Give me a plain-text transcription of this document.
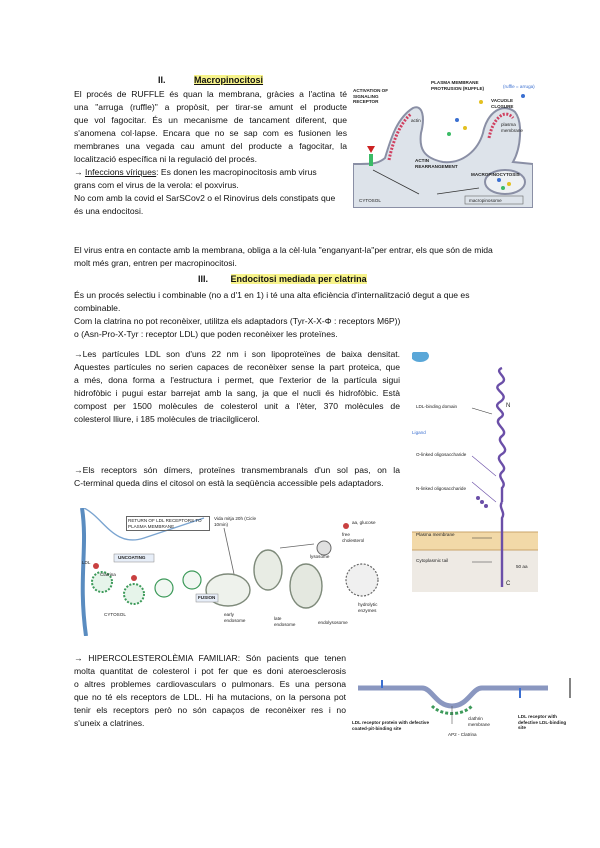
II.	Macropinocitosi
El procés de RUFFLE és quan la membrana, gràcies a l'actina té
una "arruga (ruffle)" a propòsit, per tirar-se amunt el producte
que vol fagocitar. És un mecanisme de tancament diferent, que
s'anomena col·lapse. Encara que no se sap com es fusionen les
membranes una vegada cau amunt del producte a fagocitar, la
localització específica ni la regulació del procés.
→ Infeccions víriques: Es donen les macropinocitosis amb virus
grans com el virus de la verola: el poxvirus.
No com amb la covid el SarSCov2 o el Rinovirus dels constipats que
és una endocitosi.
El virus entra en contacte amb la membrana, obliga a la cèl·lula "enganyant-la"per entrar, els que són de mida
molt més gran, entren per macropinocitosi.
PLASMA MEMBRANE PROTRUSION (RUFFLE)	(ruffle = arruga)
ACTIVATION OF SIGNALING RECEPTOR
actin
VACUOLE CLOSURE
plasma membrane
ACTIN REARRANGEMENT
MACROPINOCYTOSIS
CYTOSOL	macropinosome
III.	Endocitosi mediada per clatrina
És un procés selectiu i combinable (no a d'1 en 1) i té una alta eficiència d'internalització degut a que es
combinable.
Com la clatrina no pot reconèixer, utilitza els adaptadors (Tyr-X-X-Φ : receptors M6P))
o (Asn-Pro-X-Tyr : receptor LDL) que poden reconèixer les proteïnes.
→Les partícules LDL son d'uns 22 nm i son lipoproteïnes de baixa densitat.
Aquestes partícules no serien capaces de reconèixer sense la part proteica, que
a més, dona forma a l'estructura i permet, que l'exterior de la partícula sigui
hidrofòbic i pugui estar barrejat amb la sang, ja que el nucli és hidrofòbic. Està
compost per 1500 molècules de colesterol unit a l'èter, 370 molècules de
colesterol lliure, i 185 molècules de triacilglicerol.
→Els receptors són dímers, proteïnes transmembranals d'un sol pas, on la
C-terminal queda dins el citosol on està la seqüència accessible pels adaptadors.
LDL-binding domain	N
O-linked oligosaccharide
N-linked oligosaccharide
Plasma membrane
Cytoplasmic tail
C
50 aa
Ligand
RETURN OF LDL RECEPTORS TO PLASMA MEMBRANE
Vida mitja 20h (Cicle 10min)
LDL
Clatrina
UNCOATING
FUSION
CYTOSOL	early endosome	late endosome	endolysosome
lysosome
hydrolytic enzymes
free cholesterol
aa, glucose
→ HIPERCOLESTEROLÈMIA FAMILIAR: Són pacients que tenen
molta quantitat de colesterol i pot fer que es doni ateroesclerosis
o altres problemes cardiovasculars o pulmonars. Es una persona
que no té els receptors de LDL. Hi ha mutacions, on la persona pot
tenir els receptors però no són capaços de reconèixer res i no
s'uneix a clatrines.	LDL receptor protein with defective coated-pit-binding site
clathrin membrane
LDL receptor with defective LDL-binding site
AP2 - Clatrina
